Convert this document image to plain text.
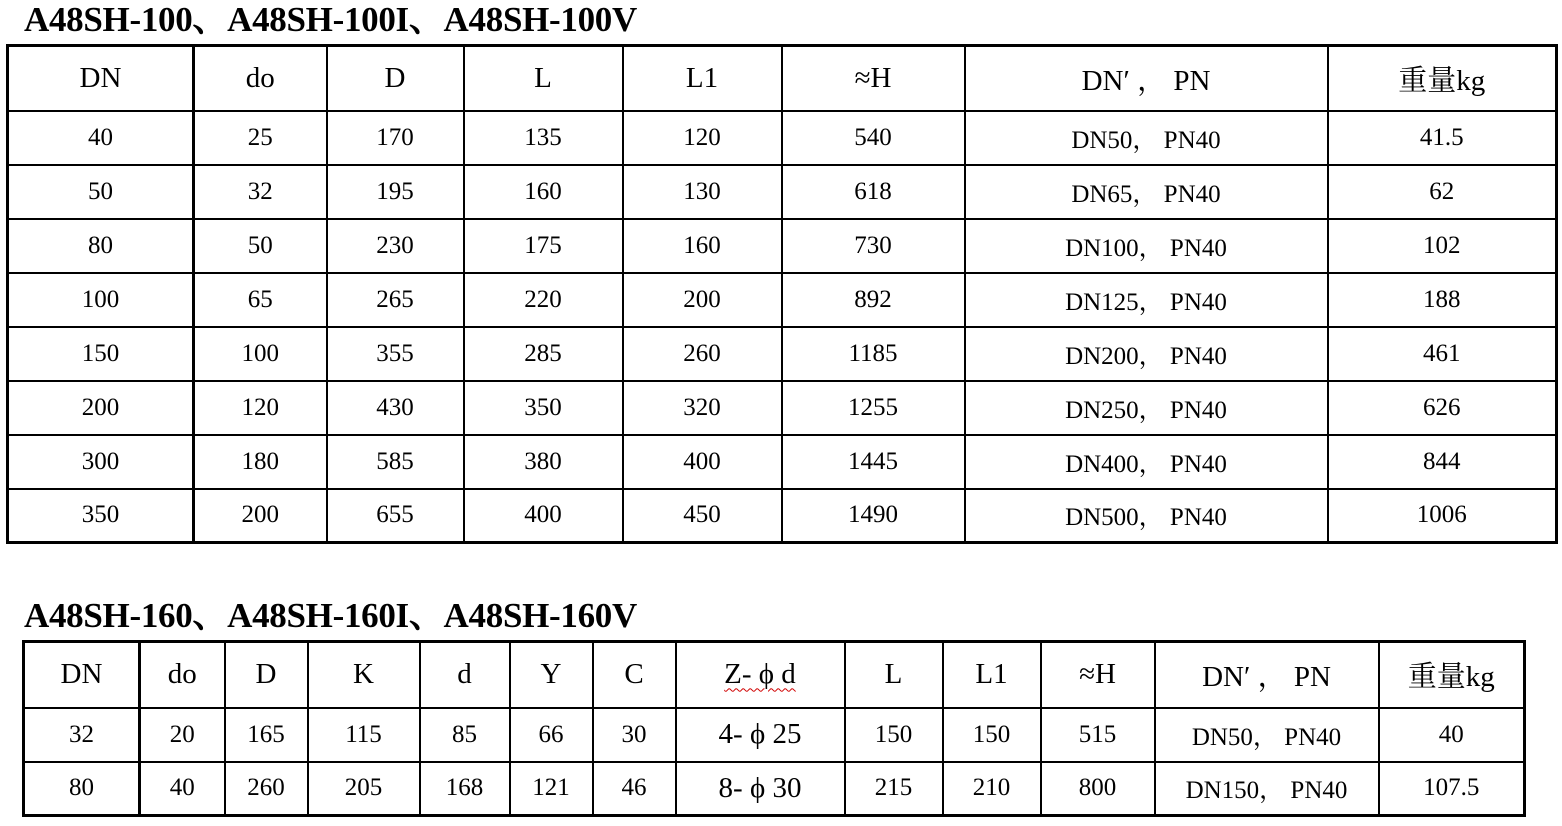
A48SH-100、A48SH-100I、A48SH-100V
DN	do	D	L	L1	≈H	DN′ ， PN	重量kg
40	25	170	135	120	540	DN50， PN40	41.5
50	32	195	160	130	618	DN65， PN40	62
80	50	230	175	160	730	DN100， PN40	102
100	65	265	220	200	892	DN125， PN40	188
150	100	355	285	260	1185	DN200， PN40	461
200	120	430	350	320	1255	DN250， PN40	626
300	180	585	380	400	1445	DN400， PN40	844
350	200	655	400	450	1490	DN500， PN40	1006
A48SH-160、A48SH-160I、A48SH-160V
DN	do	D	K	d	Y	C	Z- ϕ d	L	L1	≈H	DN′ ， PN	重量kg
32	20	165	115	85	66	30	4- ϕ 25	150	150	515	DN50， PN40	40
80	40	260	205	168	121	46	8- ϕ 30	215	210	800	DN150， PN40	107.5
